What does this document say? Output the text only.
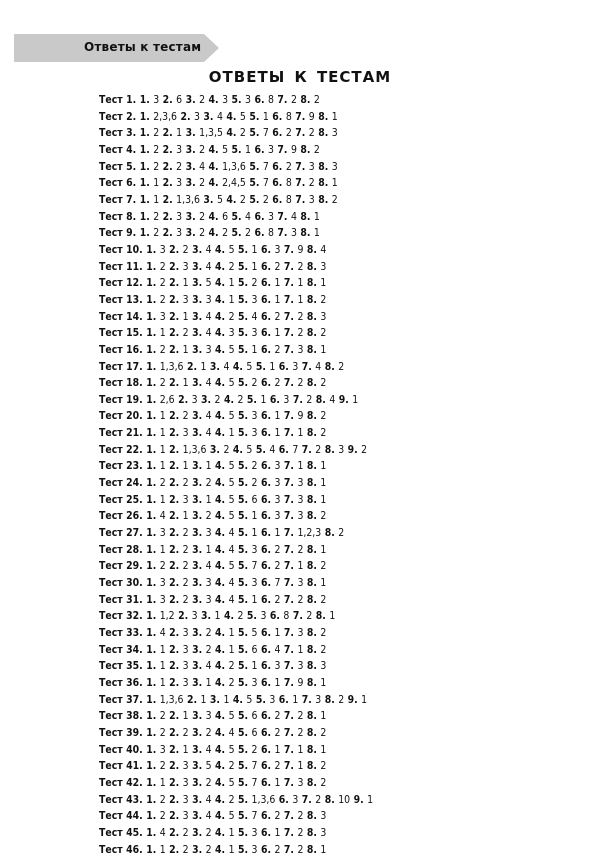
Ответы к тестам
ОТВЕТЫ К ТЕСТАМ
Тест 1. 1. 3 2. 6 3. 2 4. 3 5. 3 6. 8 7. 2 8. 2
Тест 2. 1. 2,3,6 2. 3 3. 4 4. 5 5. 1 6. 8 7. 9 8. 1
Тест 3. 1. 2 2. 1 3. 1,3,5 4. 2 5. 7 6. 2 7. 2 8. 3
Тест 4. 1. 2 2. 3 3. 2 4. 5 5. 1 6. 3 7. 9 8. 2
Тест 5. 1. 2 2. 2 3. 4 4. 1,3,6 5. 7 6. 2 7. 3 8. 3
Тест 6. 1. 1 2. 3 3. 2 4. 2,4,5 5. 7 6. 8 7. 2 8. 1
Тест 7. 1. 1 2. 1,3,6 3. 5 4. 2 5. 2 6. 8 7. 3 8. 2
Тест 8. 1. 2 2. 3 3. 2 4. 6 5. 4 6. 3 7. 4 8. 1
Тест 9. 1. 2 2. 3 3. 2 4. 2 5. 2 6. 8 7. 3 8. 1
Тест 10. 1. 3 2. 2 3. 4 4. 5 5. 1 6. 3 7. 9 8. 4
Тест 11. 1. 2 2. 3 3. 4 4. 2 5. 1 6. 2 7. 2 8. 3
Тест 12. 1. 2 2. 1 3. 5 4. 1 5. 2 6. 1 7. 1 8. 1
Тест 13. 1. 2 2. 3 3. 3 4. 1 5. 3 6. 1 7. 1 8. 2
Тест 14. 1. 3 2. 1 3. 4 4. 2 5. 4 6. 2 7. 2 8. 3
Тест 15. 1. 1 2. 2 3. 4 4. 3 5. 3 6. 1 7. 2 8. 2
Тест 16. 1. 2 2. 1 3. 3 4. 5 5. 1 6. 2 7. 3 8. 1
Тест 17. 1. 1,3,6 2. 1 3. 4 4. 5 5. 1 6. 3 7. 4 8. 2
Тест 18. 1. 2 2. 1 3. 4 4. 5 5. 2 6. 2 7. 2 8. 2
Тест 19. 1. 2,6 2. 3 3. 2 4. 2 5. 1 6. 3 7. 2 8. 4 9. 1
Тест 20. 1. 1 2. 2 3. 4 4. 5 5. 3 6. 1 7. 9 8. 2
Тест 21. 1. 1 2. 3 3. 4 4. 1 5. 3 6. 1 7. 1 8. 2
Тест 22. 1. 1 2. 1,3,6 3. 2 4. 5 5. 4 6. 7 7. 2 8. 3 9. 2
Тест 23. 1. 1 2. 1 3. 1 4. 5 5. 2 6. 3 7. 1 8. 1
Тест 24. 1. 2 2. 2 3. 2 4. 5 5. 2 6. 3 7. 3 8. 1
Тест 25. 1. 1 2. 3 3. 1 4. 5 5. 6 6. 3 7. 3 8. 1
Тест 26. 1. 4 2. 1 3. 2 4. 5 5. 1 6. 3 7. 3 8. 2
Тест 27. 1. 3 2. 2 3. 3 4. 4 5. 1 6. 1 7. 1,2,3 8. 2
Тест 28. 1. 1 2. 2 3. 1 4. 4 5. 3 6. 2 7. 2 8. 1
Тест 29. 1. 2 2. 2 3. 4 4. 5 5. 7 6. 2 7. 1 8. 2
Тест 30. 1. 3 2. 2 3. 3 4. 4 5. 3 6. 7 7. 3 8. 1
Тест 31. 1. 3 2. 2 3. 3 4. 4 5. 1 6. 2 7. 2 8. 2
Тест 32. 1. 1,2 2. 3 3. 1 4. 2 5. 3 6. 8 7. 2 8. 1
Тест 33. 1. 4 2. 3 3. 2 4. 1 5. 5 6. 1 7. 3 8. 2
Тест 34. 1. 1 2. 3 3. 2 4. 1 5. 6 6. 4 7. 1 8. 2
Тест 35. 1. 1 2. 3 3. 4 4. 2 5. 1 6. 3 7. 3 8. 3
Тест 36. 1. 1 2. 3 3. 1 4. 2 5. 3 6. 1 7. 9 8. 1
Тест 37. 1. 1,3,6 2. 1 3. 1 4. 5 5. 3 6. 1 7. 3 8. 2 9. 1
Тест 38. 1. 2 2. 1 3. 3 4. 5 5. 6 6. 2 7. 2 8. 1
Тест 39. 1. 2 2. 2 3. 2 4. 4 5. 6 6. 2 7. 2 8. 2
Тест 40. 1. 3 2. 1 3. 4 4. 5 5. 2 6. 1 7. 1 8. 1
Тест 41. 1. 2 2. 3 3. 5 4. 2 5. 7 6. 2 7. 1 8. 2
Тест 42. 1. 1 2. 3 3. 2 4. 5 5. 7 6. 1 7. 3 8. 2
Тест 43. 1. 2 2. 3 3. 4 4. 2 5. 1,3,6 6. 3 7. 2 8. 10 9. 1
Тест 44. 1. 2 2. 3 3. 4 4. 5 5. 7 6. 2 7. 2 8. 3
Тест 45. 1. 4 2. 2 3. 2 4. 1 5. 3 6. 1 7. 2 8. 3
Тест 46. 1. 1 2. 2 3. 2 4. 1 5. 3 6. 2 7. 2 8. 1
